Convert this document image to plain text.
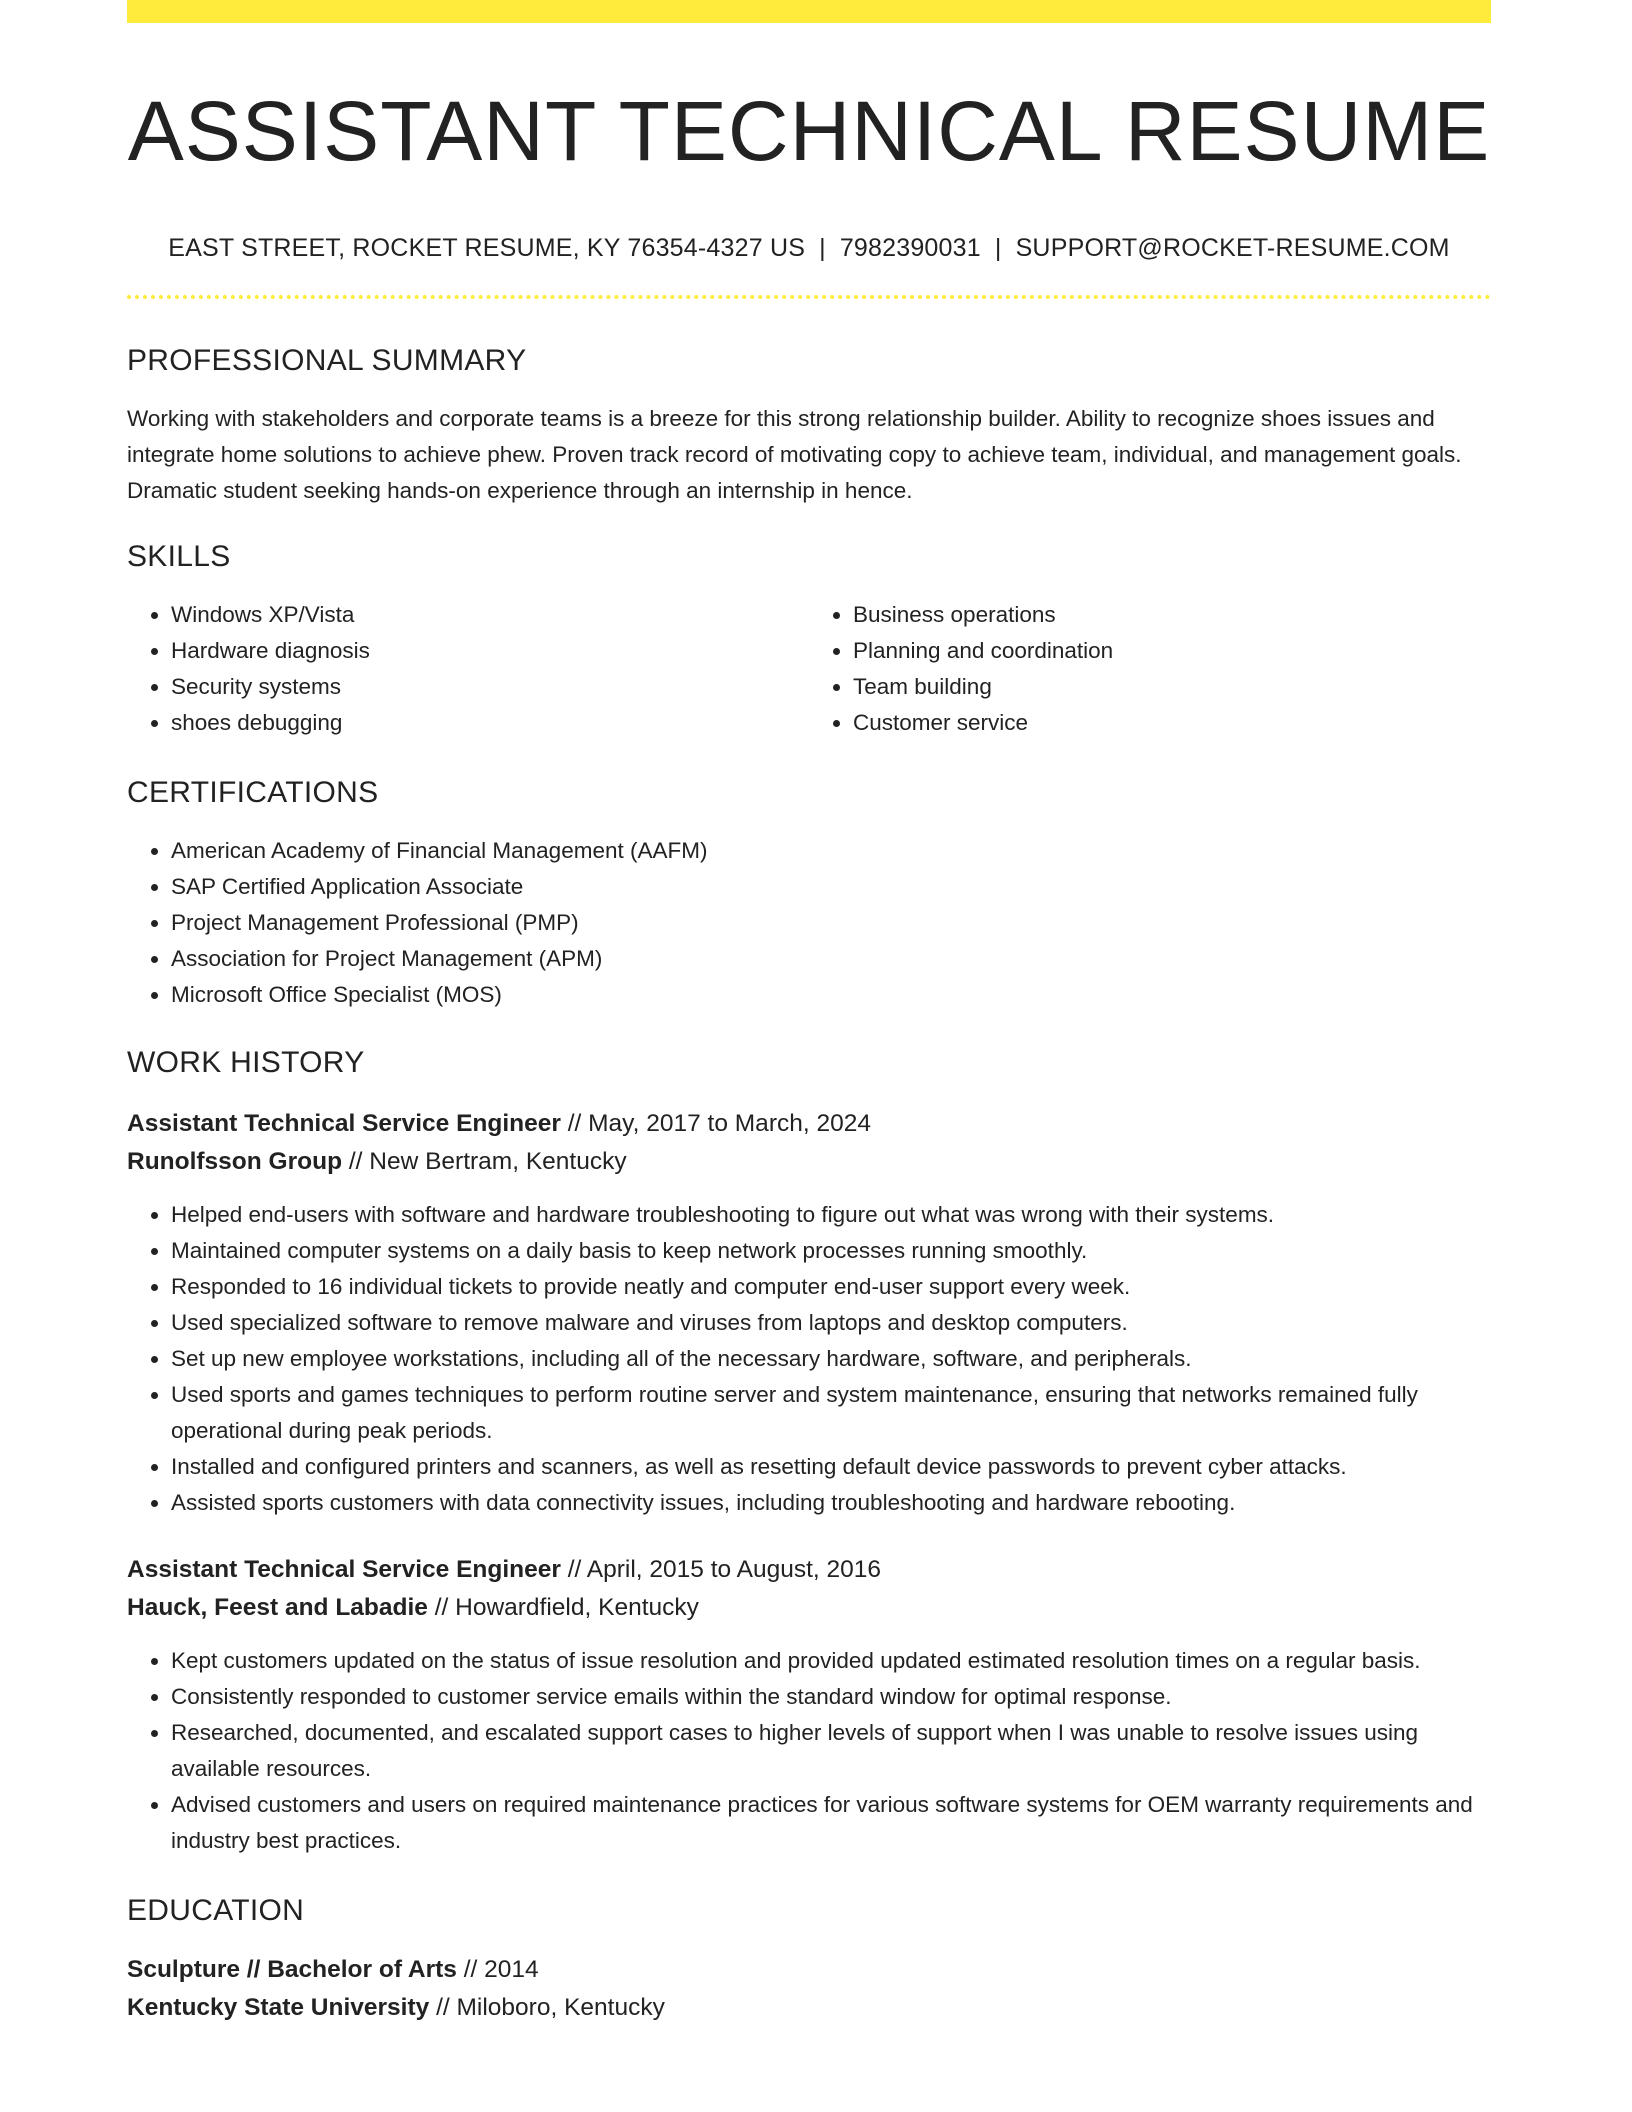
ASSISTANT TECHNICAL RESUME
EAST STREET, ROCKET RESUME, KY 76354-4327 US | 7982390031 | SUPPORT@ROCKET-RESUME.COM
PROFESSIONAL SUMMARY

Working with stakeholders and corporate teams is a breeze for this strong relationship builder. Ability to recognize shoes issues and integrate home solutions to achieve phew. Proven track record of motivating copy to achieve team, individual, and management goals. Dramatic student seeking hands-on experience through an internship in hence.

SKILLS
• Windows XP/Vista
• Hardware diagnosis
• Security systems
• shoes debugging
• Business operations
• Planning and coordination
• Team building
• Customer service
CERTIFICATIONS
• American Academy of Financial Management (AAFM)
• SAP Certified Application Associate
• Project Management Professional (PMP)
• Association for Project Management (APM)
• Microsoft Office Specialist (MOS)
WORK HISTORY
Assistant Technical Service Engineer // May, 2017 to March, 2024
Runolfsson Group // New Bertram, Kentucky
• Helped end-users with software and hardware troubleshooting to figure out what was wrong with their systems.
• Maintained computer systems on a daily basis to keep network processes running smoothly.
• Responded to 16 individual tickets to provide neatly and computer end-user support every week.
• Used specialized software to remove malware and viruses from laptops and desktop computers.
• Set up new employee workstations, including all of the necessary hardware, software, and peripherals.
• Used sports and games techniques to perform routine server and system maintenance, ensuring that networks remained fully operational during peak periods.
• Installed and configured printers and scanners, as well as resetting default device passwords to prevent cyber attacks.
• Assisted sports customers with data connectivity issues, including troubleshooting and hardware rebooting.
Assistant Technical Service Engineer // April, 2015 to August, 2016
Hauck, Feest and Labadie // Howardfield, Kentucky
• Kept customers updated on the status of issue resolution and provided updated estimated resolution times on a regular basis.
• Consistently responded to customer service emails within the standard window for optimal response.
• Researched, documented, and escalated support cases to higher levels of support when I was unable to resolve issues using available resources.
• Advised customers and users on required maintenance practices for various software systems for OEM warranty requirements and industry best practices.
EDUCATION
Sculpture // Bachelor of Arts // 2014
Kentucky State University // Miloboro, Kentucky
